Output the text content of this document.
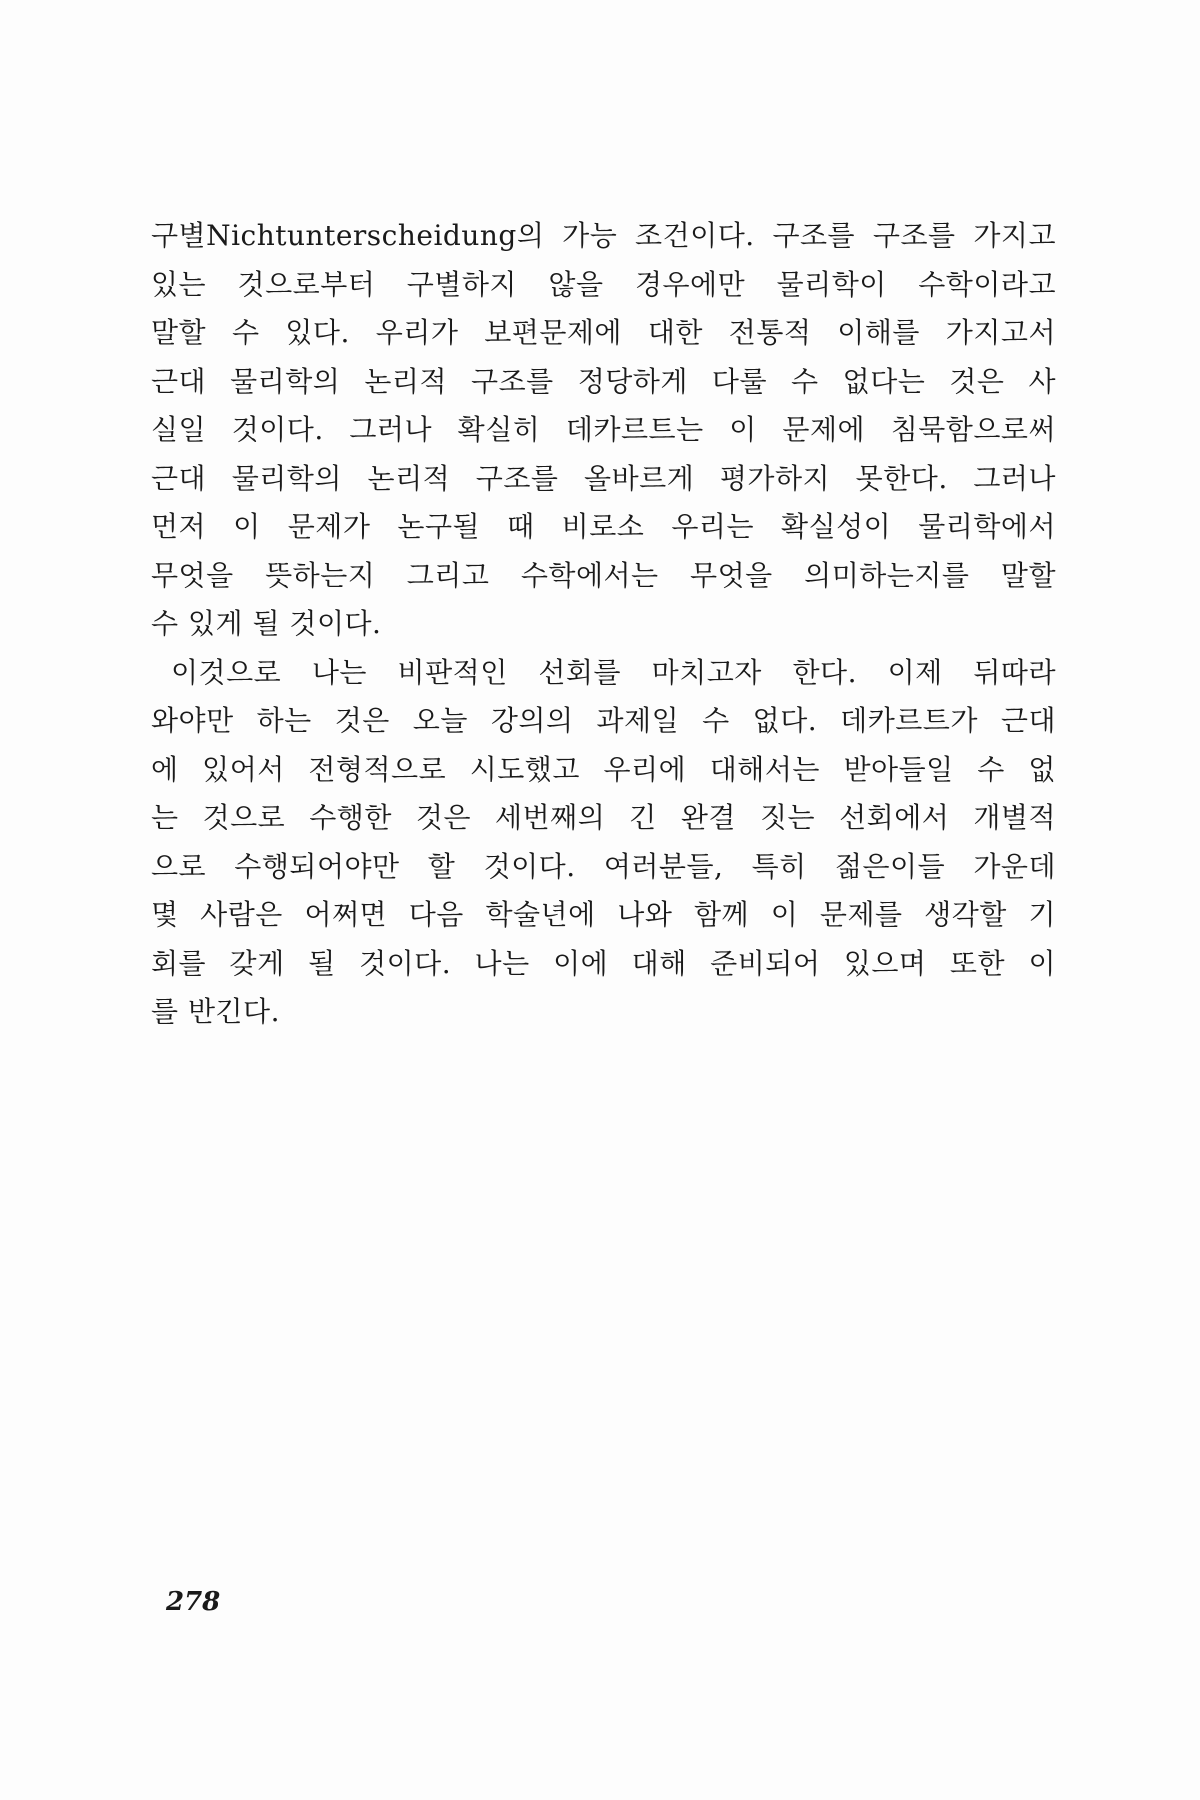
구별Nichtunterscheidung의 가능 조건이다. 구조를 구조를 가지고
있는 것으로부터 구별하지 않을 경우에만 물리학이 수학이라고
말할 수 있다. 우리가 보편문제에 대한 전통적 이해를 가지고서
근대 물리학의 논리적 구조를 정당하게 다룰 수 없다는 것은 사
실일 것이다. 그러나 확실히 데카르트는 이 문제에 침묵함으로써
근대 물리학의 논리적 구조를 올바르게 평가하지 못한다. 그러나
먼저 이 문제가 논구될 때 비로소 우리는 확실성이 물리학에서
무엇을 뜻하는지 그리고 수학에서는 무엇을 의미하는지를 말할
수 있게 될 것이다.
이것으로 나는 비판적인 선회를 마치고자 한다. 이제 뒤따라
와야만 하는 것은 오늘 강의의 과제일 수 없다. 데카르트가 근대
에 있어서 전형적으로 시도했고 우리에 대해서는 받아들일 수 없
는 것으로 수행한 것은 세번째의 긴 완결 짓는 선회에서 개별적
으로 수행되어야만 할 것이다. 여러분들, 특히 젊은이들 가운데
몇 사람은 어쩌면 다음 학술년에 나와 함께 이 문제를 생각할 기
회를 갖게 될 것이다. 나는 이에 대해 준비되어 있으며 또한 이
를 반긴다.
278
